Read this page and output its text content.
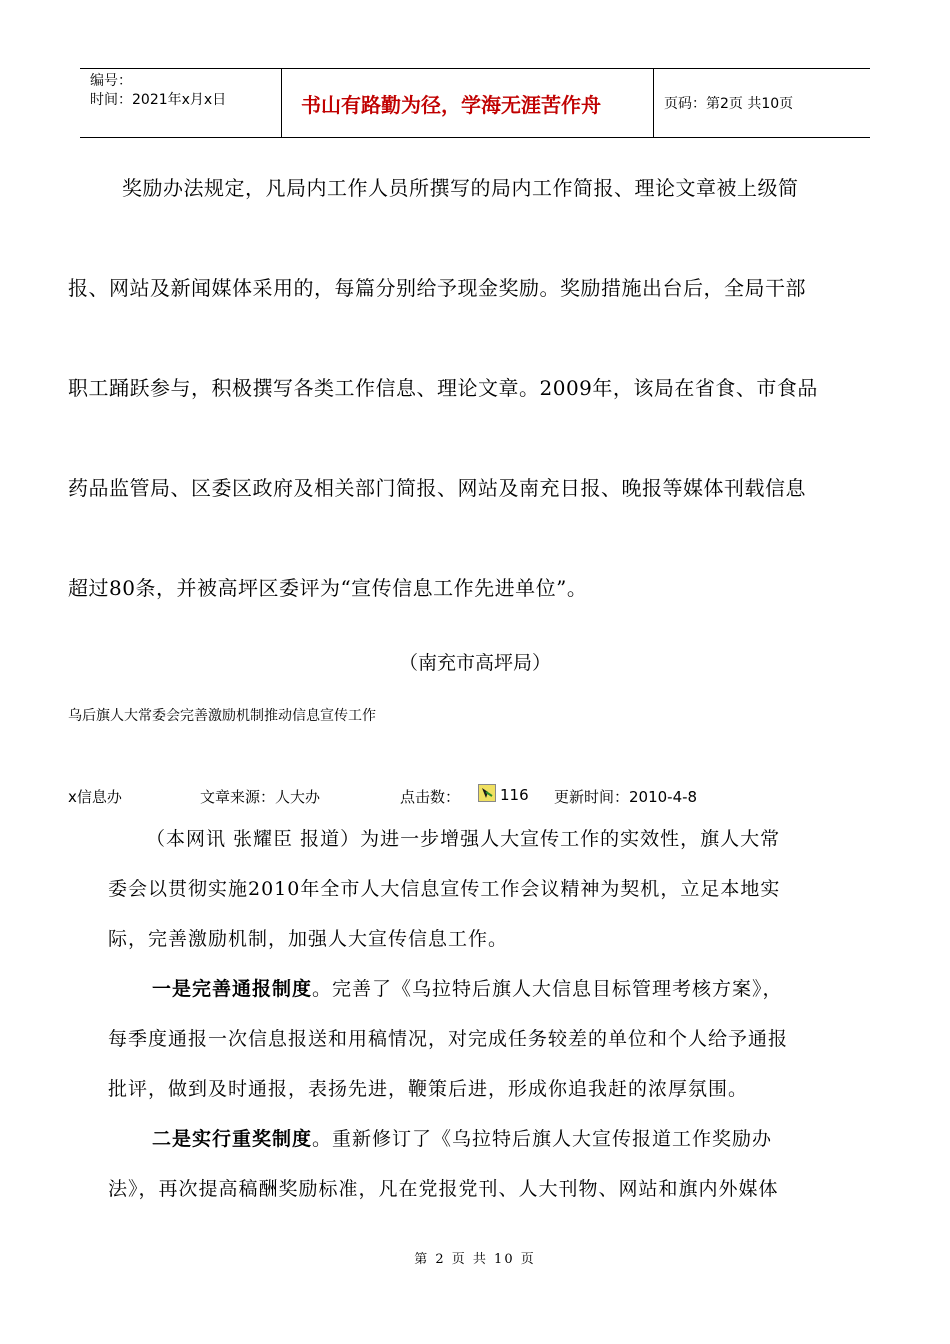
编号：
时间：2021年x月x日	书山有路勤为径，学海无涯苦作舟	页码：第2页 共10页
奖励办法规定，凡局内工作人员所撰写的局内工作简报、理论文章被上级简
报、网站及新闻媒体采用的，每篇分别给予现金奖励。奖励措施出台后，全局干部
职工踊跃参与，积极撰写各类工作信息、理论文章。2009年，该局在省食、市食品
药品监管局、区委区政府及相关部门简报、网站及南充日报、晚报等媒体刊载信息
超过80条，并被高坪区委评为“宣传信息工作先进单位”。
（南充市高坪局）
乌后旗人大常委会完善激励机制推动信息宣传工作
x信息办	文章来源：人大办	点击数：	116 更新时间：2010-4-8
（本网讯 张耀臣 报道）为进一步增强人大宣传工作的实效性，旗人大常
委会以贯彻实施2010年全市人大信息宣传工作会议精神为契机，立足本地实
际，完善激励机制，加强人大宣传信息工作。
一是完善通报制度。完善了《乌拉特后旗人大信息目标管理考核方案》，
每季度通报一次信息报送和用稿情况，对完成任务较差的单位和个人给予通报
批评，做到及时通报，表扬先进，鞭策后进，形成你追我赶的浓厚氛围。
二是实行重奖制度。重新修订了《乌拉特后旗人大宣传报道工作奖励办
法》，再次提高稿酬奖励标准，凡在党报党刊、人大刊物、网站和旗内外媒体
第 2 页 共 10 页
